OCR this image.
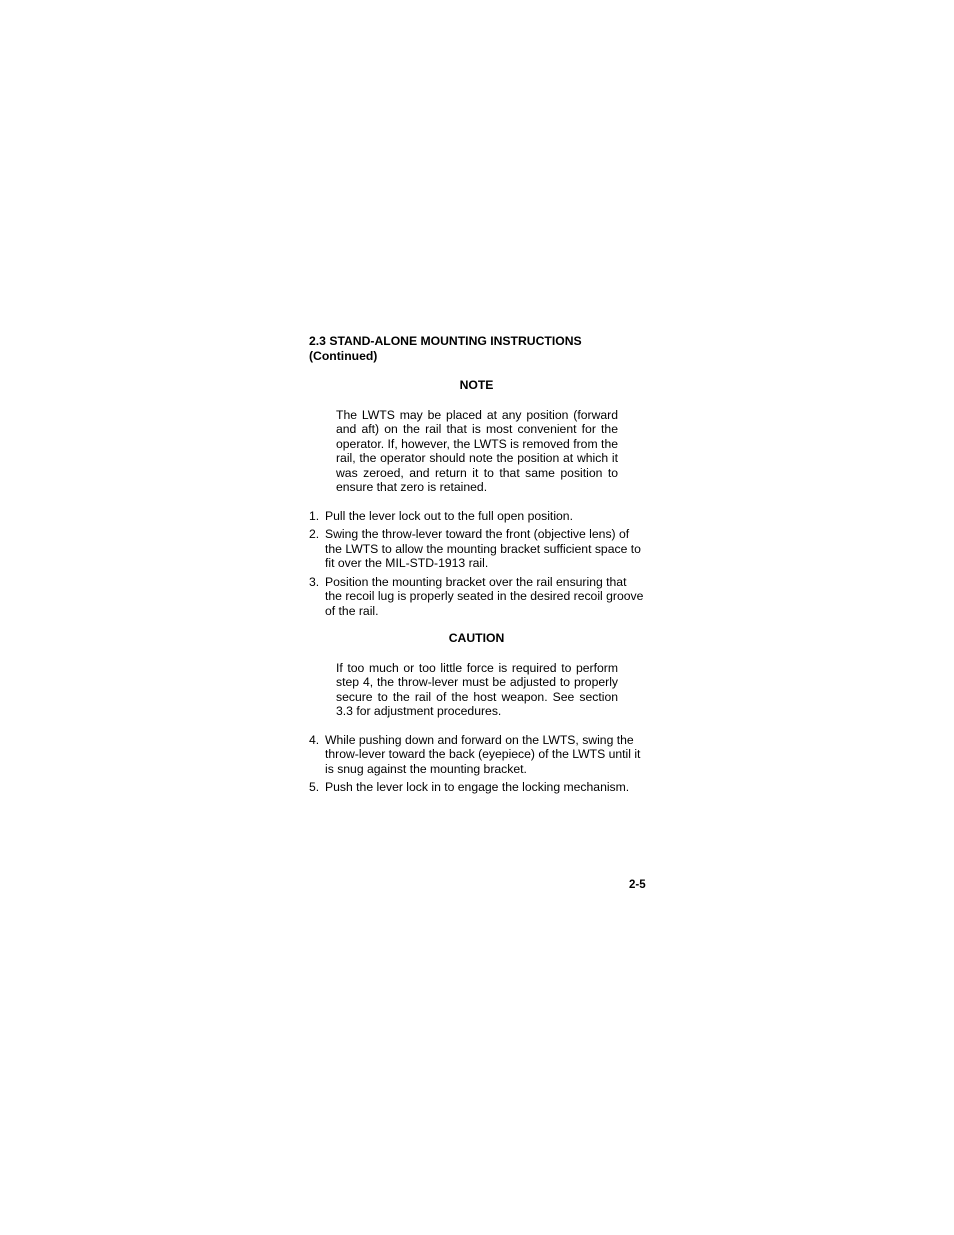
2.3 STAND-ALONE MOUNTING INSTRUCTIONS
(Continued)

NOTE

The LWTS may be placed at any position (forward and aft) on the rail that is most convenient for the operator. If, however, the LWTS is removed from the rail, the operator should note the position at which it was zeroed, and return it to that same position to ensure that zero is retained.

1. Pull the lever lock out to the full open position.
2. Swing the throw-lever toward the front (objective lens) of the LWTS to allow the mounting bracket sufficient space to fit over the MIL-STD-1913 rail.
3. Position the mounting bracket over the rail ensuring that the recoil lug is properly seated in the desired recoil groove of the rail.

CAUTION

If too much or too little force is required to perform step 4, the throw-lever must be adjusted to properly secure to the rail of the host weapon. See section 3.3 for adjustment procedures.

4. While pushing down and forward on the LWTS, swing the throw-lever toward the back (eyepiece) of the LWTS until it is snug against the mounting bracket.
5. Push the lever lock in to engage the locking mechanism.
2-5
